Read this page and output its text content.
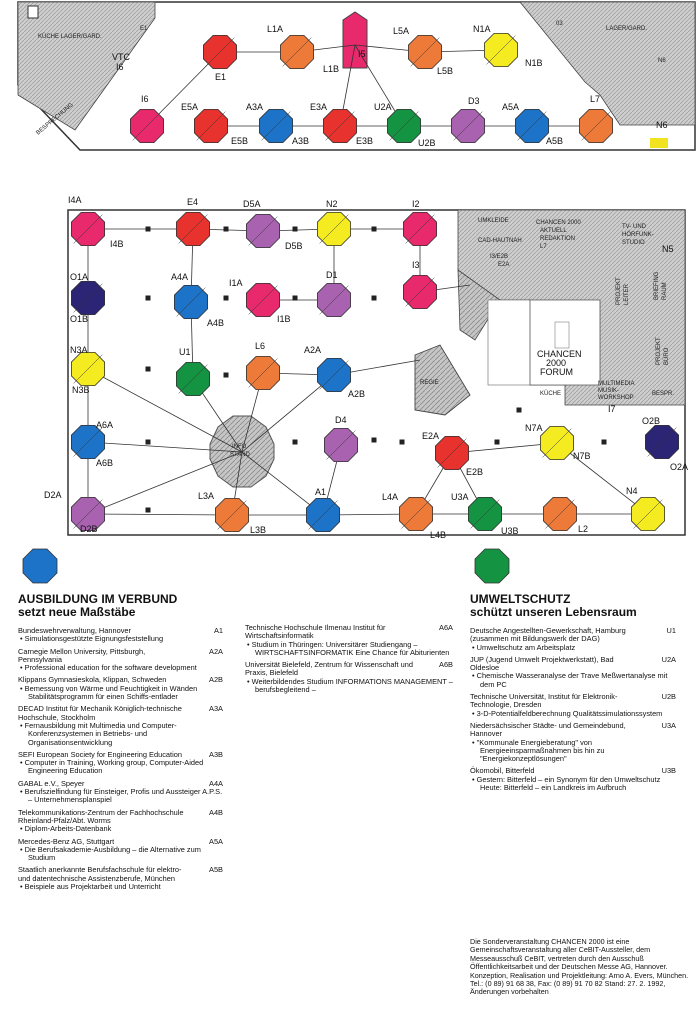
E1
KÜCHE LAGER/GARD.
VTC
I6
BESPRECHUNG
03
LAGER/GARD.
N6
N6
I5
UMKLEIDE
CAD-HAUTNAH
CHANCEN 2000
AKTUELL
REDAKTION
L7
I3/E2B
E2A
TV- UND
HÖRFUNK-
STUDIO
N5
PROJEKT LEITER	BRIEFING RAUM
PROJEKT BÜRO
MULTIMEDIA
MUSIK-
WORKSHOP
KÜCHE	BESPR.
I7
CHANCEN
2000
FORUM
REGIE
INFO
STAND
E1
L1A
L1B
L5A
L5B
N1A
N1B
I6
E5A
E5B
A3A
A3B
E3A
E3B
U2A
U2B
D3
A5A
A5B
L7
I4A
I4B
E4	D5A
D5B
N2	I2
O1A
O1B
A4A
A4B
I1A
I1B
D1
I3
N3A
N3B
U1
L6	A2A
A2B
A6A
A6B
D4
E2A
E2B
N7A
N7B
O2B
O2A
D2A
D2B
L3A
L3B
A1	L4A
L4B
U3A
U3B	L2
N4

AUSBILDUNG IM VERBUND

setzt neue Maßstäbe

Bundeswehrverwaltung, Hannover	A1
• Simulationsgestützte Eignungsfeststellung
Carnegie Mellon University, Pittsburgh, Pennsylvania
A2A
• Professional education for the software development
Klippans Gymnasieskola, Klippan, Schweden	A2B
• Bemessung von Wärme und Feuchtigkeit in Wänden Stabilitätsprogramm für einen Schiffs-entlader
DECAD Institut für Mechanik Königlich-technische Hochschule, Stockholm
A3A
• Fernausbildung mit Multimedia und Computer-Konferenzsystemen in Betriebs- und Organisationsentwicklung
SEFI European Society for Engineering Education	A3B
• Computer in Training, Working group, Computer-Aided Engineering Education
GABAL e.V., Speyer	A4A
• Berufszielfindung für Einsteiger, Profis und Aussteiger A.P.S. – Unternehmensplanspiel
Telekommunikations-Zentrum der Fachhochschule Rheinland-Pfalz/Abt. Worms
A4B
• Diplom-Arbeits-Datenbank
Mercedes-Benz AG, Stuttgart	A5A
• Die Berufsakademie-Ausbildung – die Alternative zum Studium
Staatlich anerkannte Berufsfachschule für elektro- und datentechnische Assistenzberufe, München
A5B
• Beispiele aus Projektarbeit und Unterricht
Technische Hochschule Ilmenau Institut für Wirtschaftsinformatik
A6A
• Studium in Thüringen: Universitärer Studiengang – WIRTSCHAFTSINFORMATIK Eine Chance für Abiturienten
Universität Bielefeld, Zentrum für Wissenschaft und Praxis, Bielefeld
A6B
• Weiterbildendes Studium INFORMATIONS MANAGEMENT – berufsbegleitend –

UMWELTSCHUTZ

schützt unseren Lebensraum

Deutsche Angestellten-Gewerkschaft, Hamburg (zusammen mit Bildungswerk der DAG)
U1
• Umweltschutz am Arbeitsplatz
JUP (Jugend Umwelt Projektwerkstatt), Bad Oldesloe
U2A
• Chemische Wasseranalyse der Trave Meßwertanalyse mit dem PC
Technische Universität, Institut für Elektronik-Technologie, Dresden
U2B
• 3-D-Potentialfeldberechnung Qualitätssimulationssystem
Niedersächsischer Städte- und Gemeindebund, Hannover
U3A
• "Kommunale Energieberatung" von Energieeinsparmaßnahmen bis hin zu "Energiekonzeptlösungen"
Ökomobil, Bitterfeld	U3B
• Gestern: Bitterfeld – ein Synonym für den Umweltschutz Heute: Bitterfeld – ein Landkreis im Aufbruch
Die Sonderveranstaltung CHANCEN 2000 ist eine Gemeinschaftsveranstaltung aller CeBIT-Aussteller, dem Messeausschuß CeBIT, vertreten durch den Ausschuß Öffentlichkeitsarbeit und der Deutschen Messe AG, Hannover. Konzeption, Realisation und Projektleitung: Arno A. Evers, München. Tel.: (0 89) 91 68 38, Fax: (0 89) 91 70 82 Stand: 27. 2. 1992, Änderungen vorbehalten
